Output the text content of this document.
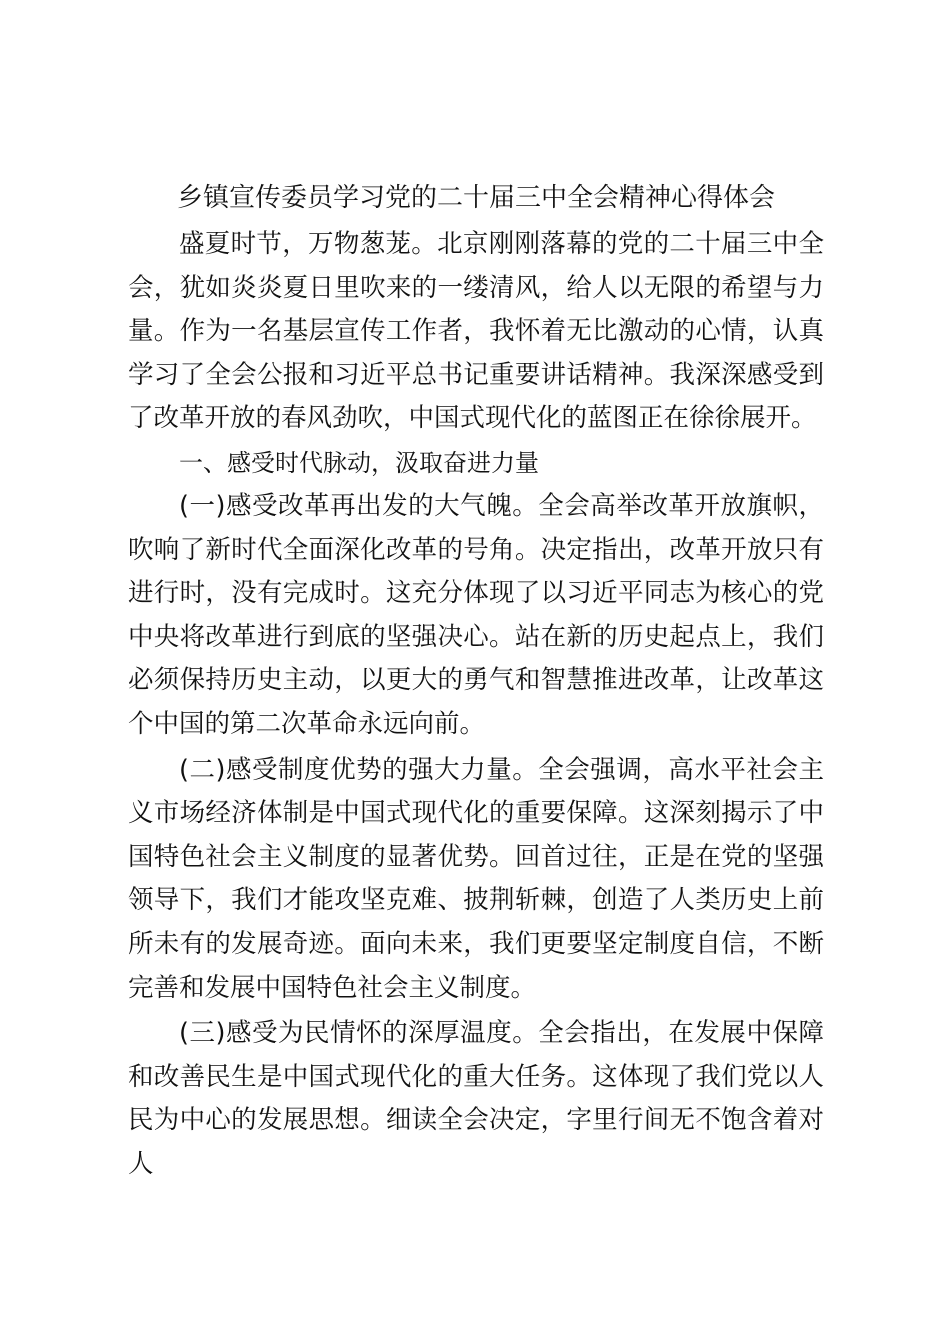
乡镇宣传委员学习党的二十届三中全会精神心得体会

盛夏时节，万物葱茏。北京刚刚落幕的党的二十届三中全会，犹如炎炎夏日里吹来的一缕清风，给人以无限的希望与力量。作为一名基层宣传工作者，我怀着无比激动的心情，认真学习了全会公报和习近平总书记重要讲话精神。我深深感受到了改革开放的春风劲吹，中国式现代化的蓝图正在徐徐展开。

一、感受时代脉动，汲取奋进力量

(一)感受改革再出发的大气魄。全会高举改革开放旗帜，吹响了新时代全面深化改革的号角。决定指出，改革开放只有进行时，没有完成时。这充分体现了以习近平同志为核心的党中央将改革进行到底的坚强决心。站在新的历史起点上，我们必须保持历史主动，以更大的勇气和智慧推进改革，让改革这个中国的第二次革命永远向前。

(二)感受制度优势的强大力量。全会强调，高水平社会主义市场经济体制是中国式现代化的重要保障。这深刻揭示了中国特色社会主义制度的显著优势。回首过往，正是在党的坚强领导下，我们才能攻坚克难、披荆斩棘，创造了人类历史上前所未有的发展奇迹。面向未来，我们更要坚定制度自信，不断完善和发展中国特色社会主义制度。

(三)感受为民情怀的深厚温度。全会指出，在发展中保障和改善民生是中国式现代化的重大任务。这体现了我们党以人民为中心的发展思想。细读全会决定，字里行间无不饱含着对人
